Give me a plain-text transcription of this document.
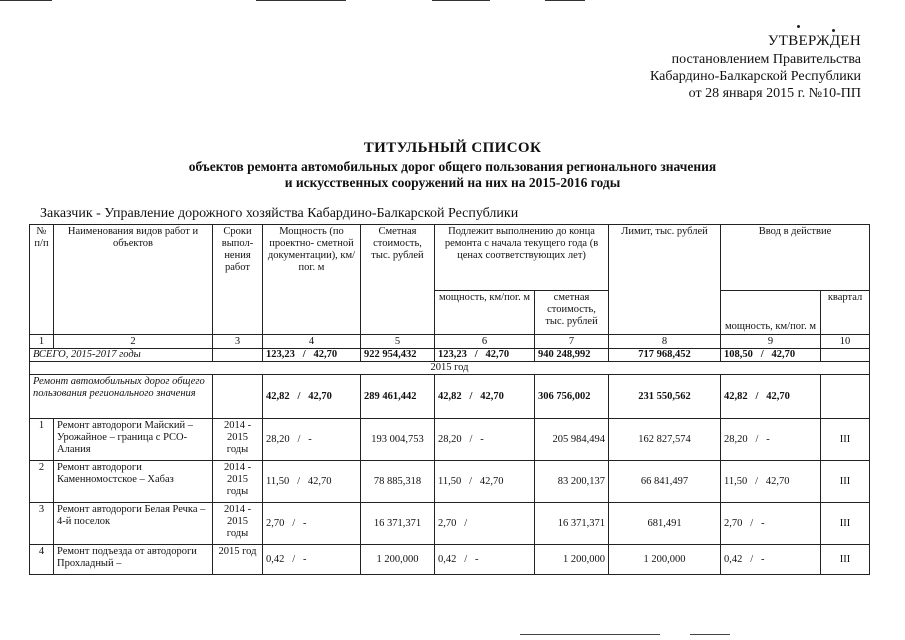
УТВЕРЖДЕН
постановлением Правительства
Кабардино-Балкарской Республики
от 28 января 2015 г. №10-ПП
ТИТУЛЬНЫЙ СПИСОК
объектов ремонта автомобильных дорог общего пользования регионального значения
и искусственных сооружений на них на 2015-2016 годы
Заказчик - Управление дорожного хозяйства Кабардино-Балкарской Республики
№ п/п	Наименования видов работ и объектов	Сроки выпол- нения работ	Мощность (по проектно- сметной документации), км/пог. м	Сметная стоимость, тыс. рублей	Подлежит выполнению до конца ремонта с начала текущего года (в ценах соответствующих лет)		Лимит, тыс. рублей	Ввод в действие	
					мощность, км/пог. м	сметная стоимость, тыс. рублей		мощность, км/пог. м	квартал
1	2	3	4	5	6	7	8	9	10
ВСЕГО, 2015-2017 годы			123,23   /   42,70	922 954,432	123,23   /   42,70	940 248,992	717 968,452	108,50   /   42,70	
2015 год									
Ремонт автомобильных дорог общего пользования регионального значения			42,82   /   42,70	289 461,442	42,82   /   42,70	306 756,002	231 550,562	42,82   /   42,70	
1	Ремонт автодороги Майский – Урожайное – граница с РСО-Алания	2014 - 2015 годы	28,20   /   -	193 004,753	28,20   /   -	205 984,494	162 827,574	28,20   /   -	III
2	Ремонт автодороги Каменномостское – Хабаз	2014 - 2015 годы	11,50   /   42,70	78 885,318	11,50   /   42,70	83 200,137	66 841,497	11,50   /   42,70	III
3	Ремонт автодороги Белая Речка – 4-й поселок	2014 - 2015 годы	2,70   /   -	16 371,371	2,70   /	16 371,371	681,491	2,70   /   -	III
4	Ремонт подъезда от автодороги Прохладный –	2015 год	0,42   /   -	1 200,000	0,42   /   -	1 200,000	1 200,000	0,42   /   -	III
